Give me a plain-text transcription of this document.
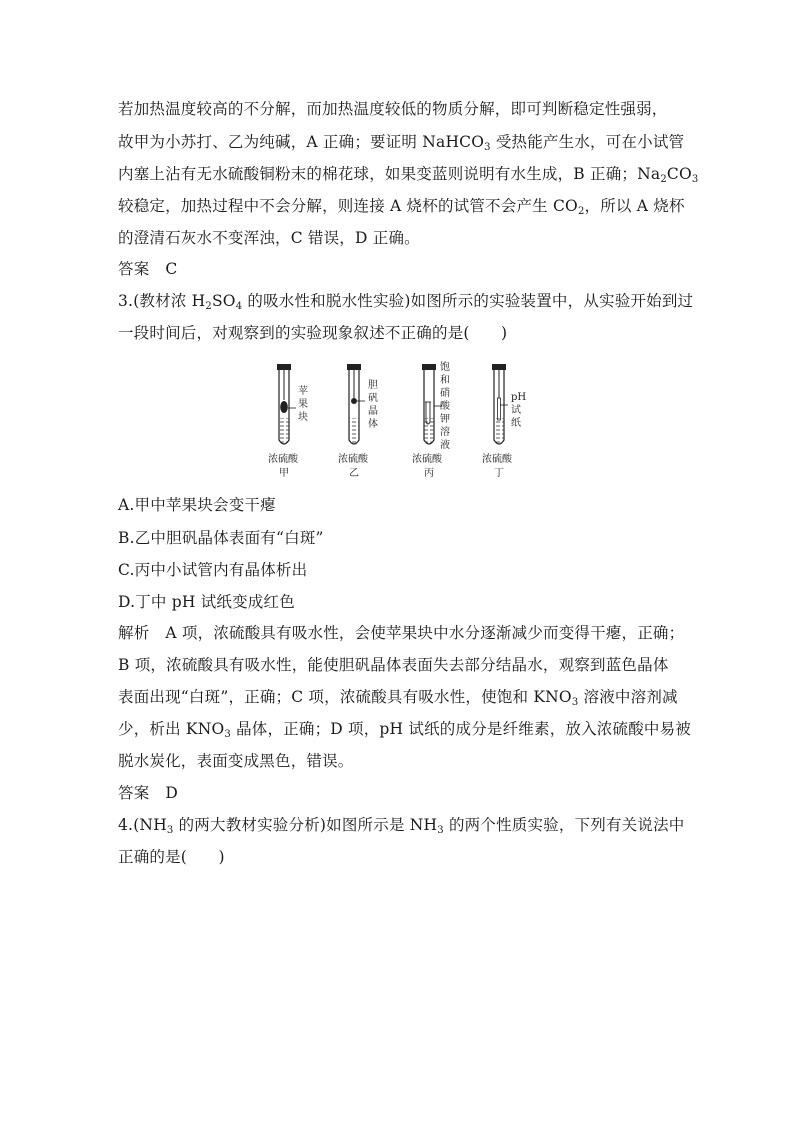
若加热温度较高的不分解，而加热温度较低的物质分解，即可判断稳定性强弱，
故甲为小苏打、乙为纯碱，A 正确；要证明 NaHCO$_3$ 受热能产生水，可在小试管
内塞上沾有无水硫酸铜粉末的棉花球，如果变蓝则说明有水生成，B 正确；$Na_2CO_3$
较稳定，加热过程中不会分解，则连接 A 烧杯的试管不会产生 $CO_2$，所以 A 烧杯
的澄清石灰水不变浑浊，C 错误，D 正确。
答案 C
3.(教材浓 $H_2SO_4$ 的吸水性和脱水性实验)如图所示的实验装置中，从实验开始到过
一段时间后，对观察到的实验现象叙述不正确的是(　　)
苹
果
块
胆
矾
晶
体
饱
和
硝
酸
钾
溶
液
pH
试
纸
浓硫酸
甲
浓硫酸
乙
浓硫酸
丙
浓硫酸
丁
A.甲中苹果块会变干瘪
B.乙中胆矾晶体表面有“白斑”
C.丙中小试管内有晶体析出
D.丁中 pH 试纸变成红色
解析 A 项，浓硫酸具有吸水性，会使苹果块中水分逐渐减少而变得干瘪，正确；
B 项，浓硫酸具有吸水性，能使胆矾晶体表面失去部分结晶水，观察到蓝色晶体
表面出现“白斑”，正确；C 项，浓硫酸具有吸水性，使饱和 $KNO_3$ 溶液中溶剂减
少，析出 $KNO_3$ 晶体，正确；D 项，pH 试纸的成分是纤维素，放入浓硫酸中易被
脱水炭化，表面变成黑色，错误。
答案 D
$4.(NH_3$ 的两大教材实验分析)如图所示是 $NH_3$ 的两个性质实验，下列有关说法中
正确的是(　　)
